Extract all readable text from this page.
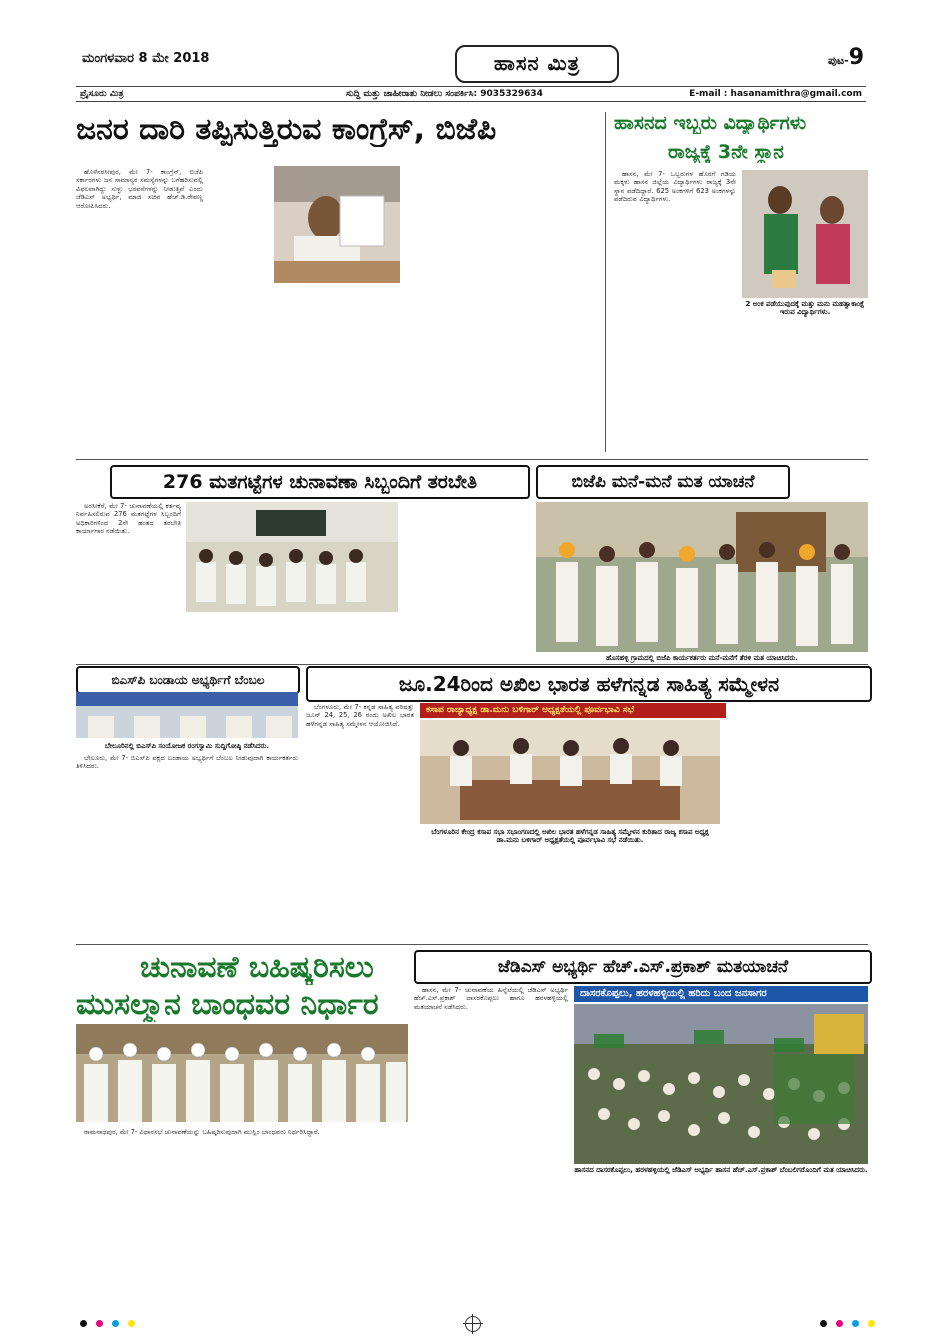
ಮಂಗಳವಾರ 8 ಮೇ 2018	ಹಾಸನ ಮಿತ್ರ	ಪುಟ-9
ಪ್ರೈಸೂರು ಮಿತ್ರ	ಸುದ್ದಿ ಮತ್ತು ಜಾಹೀರಾತು ನೀಡಲು ಸಂಪರ್ಕಿಸಿ: 9035329634	E-mail : hasanamithra@gmail.com
ಜನರ ದಾರಿ ತಪ್ಪಿಸುತ್ತಿರುವ ಕಾಂಗ್ರೆಸ್, ಬಿಜೆಪಿ

ಹೊಳೆನರಸೀಪುರ, ಮೇ 7- ಕಾಂಗ್ರೆಸ್, ಬಿಜೆಪಿ ಸರ್ಕಾರಗಳು ಜನ ಸಾಮಾನ್ಯರ ಸಮಸ್ಯೆಗಳನ್ನು ಬಗೆಹರಿಸುವಲ್ಲಿ ವಿಫಲವಾಗಿದ್ದು ಸುಳ್ಳು ಭರವಸೆಗಳನ್ನು ನೀಡುತ್ತಿವೆ ಎಂದು ಜೆಡಿಎಸ್ ಅಭ್ಯರ್ಥಿ, ಮಾಜಿ ಸಚಿವ ಹೆಚ್.ಡಿ.ರೇವಣ್ಣ ಆರೋಪಿಸಿದರು.

ಹಾಸನದ ಇಬ್ಬರು ವಿದ್ಯಾರ್ಥಿಗಳು
ರಾಜ್ಯಕ್ಕೆ 3ನೇ ಸ್ಥಾನ

ಹಾಸನ, ಮೇ 7- ಒಬ್ಬರುಗಳ ಹೊರಗೆ ಗಡಿಯ ಮಕ್ಕಳು ಹಾಸನ ಜಿಲ್ಲೆಯ ವಿದ್ಯಾರ್ಥಿಗಳು ರಾಜ್ಯಕ್ಕೆ 3ನೇ ಸ್ಥಾನ ಪಡೆದಿದ್ದಾರೆ. 625 ಅಂಕಗಳಿಗೆ 623 ಅಂಕಗಳನ್ನು ಪಡೆದಿರುವ ವಿದ್ಯಾರ್ಥಿಗಳು.

2 ಅಂಕ ಪಡೆಯುವುದಕ್ಕೆ ಮತ್ತು ಮನು ಮಹತ್ವಾಕಾಂಕ್ಷೆ ಇರುವ ವಿದ್ಯಾರ್ಥಿಗಳು.
276 ಮತಗಟ್ಟೆಗಳ ಚುನಾವಣಾ ಸಿಬ್ಬಂದಿಗೆ ತರಬೇತಿ

ಅರಸೀಕೆರೆ, ಮೇ 7- ಚುನಾವಣೆಯಲ್ಲಿ ಕರ್ತವ್ಯ ನಿರ್ವಹಿಸಲಿರುವ 276 ಮತಗಟ್ಟೆಗಳ ಸಿಬ್ಬಂದಿಗೆ ಅಧಿಕಾರಿಗಳಿಂದ 2ನೇ ಹಂತದ ತರಬೇತಿ ಕಾರ್ಯಾಗಾರ ನಡೆಯಿತು.

ಬಿಜೆಪಿ ಮನೆ-ಮನೆ ಮತ ಯಾಚನೆ
ಹೊಸಹಳ್ಳಿ ಗ್ರಾಮದಲ್ಲಿ ಬಿಜೆಪಿ ಕಾರ್ಯಕರ್ತರು ಮನೆ-ಮನೆಗೆ ತೆರಳಿ ಮತ ಯಾಚಿಸಿದರು.

ಬಿಎಸ್‌ಪಿ ಬಂಡಾಯ ಅಭ್ಯರ್ಥಿಗೆ ಬೆಂಬಲ
ಬೇಲೂರಿನಲ್ಲಿ ಬಿಎಸ್‌ಪಿ ಸಂಯೋಜಕ ರಂಗಸ್ವಾಮಿ ಸುದ್ದಿಗೋಷ್ಠಿ ನಡೆಸಿದರು.

ಬೇಲೂರು, ಮೇ 7- ಬಿಎಸ್‌ಪಿ ಪಕ್ಷದ ಬಂಡಾಯ ಅಭ್ಯರ್ಥಿಗೆ ಬೆಂಬಲ ನೀಡುವುದಾಗಿ ಕಾರ್ಯಕರ್ತರು ತಿಳಿಸಿದರು.

ಜೂ.24ರಿಂದ ಅಖಿಲ ಭಾರತ ಹಳೆಗನ್ನಡ ಸಾಹಿತ್ಯ ಸಮ್ಮೇಳನ
ಕಸಾಪ ರಾಜ್ಯಾಧ್ಯಕ್ಷ ಡಾ.ಮನು ಬಳಿಗಾರ್ ಅಧ್ಯಕ್ಷತೆಯಲ್ಲಿ ಪೂರ್ವಭಾವಿ ಸಭೆ

ಬೆಂಗಳೂರು, ಮೇ 7- ಕನ್ನಡ ಸಾಹಿತ್ಯ ಪರಿಷತ್ತು ಜೂನ್ 24, 25, 26 ರಂದು ಅಖಿಲ ಭಾರತ ಹಳೆಗನ್ನಡ ಸಾಹಿತ್ಯ ಸಮ್ಮೇಳನ ಆಯೋಜಿಸಿದೆ.

ಬೆಂಗಳೂರಿನ ಕೇಂದ್ರ ಕಸಾಪ ಸಭಾ ಸಭಾಂಗಣದಲ್ಲಿ ಅಖಿಲ ಭಾರತ ಹಳೆಗನ್ನಡ ಸಾಹಿತ್ಯ ಸಮ್ಮೇಳನ ಕುರಿತಾದ ರಾಜ್ಯ ಕಸಾಪ ಅಧ್ಯಕ್ಷ ಡಾ.ಮನು ಬಳಿಗಾರ್ ಅಧ್ಯಕ್ಷತೆಯಲ್ಲಿ ಪೂರ್ವಭಾವಿ ಸಭೆ ನಡೆಯಿತು.
ಚುನಾವಣೆ ಬಹಿಷ್ಕರಿಸಲು
ಮುಸಲ್ಮಾನ ಬಾಂಧವರ ನಿರ್ಧಾರ

ರಾಮನಾಥಪುರ, ಮೇ 7- ವಿಧಾನಸಭೆ ಚುನಾವಣೆಯನ್ನು ಬಹಿಷ್ಕರಿಸುವುದಾಗಿ ಮುಸ್ಲಿಂ ಬಾಂಧವರು ನಿರ್ಧರಿಸಿದ್ದಾರೆ.

ಜೆಡಿಎಸ್ ಅಭ್ಯರ್ಥಿ ಹೆಚ್.ಎಸ್.ಪ್ರಕಾಶ್ ಮತಯಾಚನೆ

ಹಾಸನ, ಮೇ 7- ಚುನಾವಣೆಯ ಹಿನ್ನೆಲೆಯಲ್ಲಿ ಜೆಡಿಎಸ್ ಅಭ್ಯರ್ಥಿ ಹೆಚ್.ಎಸ್.ಪ್ರಕಾಶ್ ದಾಸರಕೊಪ್ಪಲು ಹಾಗೂ ಹರಳಹಳ್ಳಿಯಲ್ಲಿ ಮತಯಾಚನೆ ನಡೆಸಿದರು.

ದಾಸರಕೊಪ್ಪಲು, ಹರಳಹಳ್ಳಿಯಲ್ಲಿ ಹರಿದು ಬಂದ ಜನಸಾಗರ
ಹಾಸನದ ದಾಸರಕೊಪ್ಪಲು, ಹರಳಹಳ್ಳಿಯಲ್ಲಿ ಜೆಡಿಎಸ್ ಅಭ್ಯರ್ಥಿ ಹಾಸನ ಹೆಚ್.ಎಸ್.ಪ್ರಕಾಶ್ ಬೆಂಬಲಿಗರೊಂದಿಗೆ ಮತ ಯಾಚಿಸಿದರು.
